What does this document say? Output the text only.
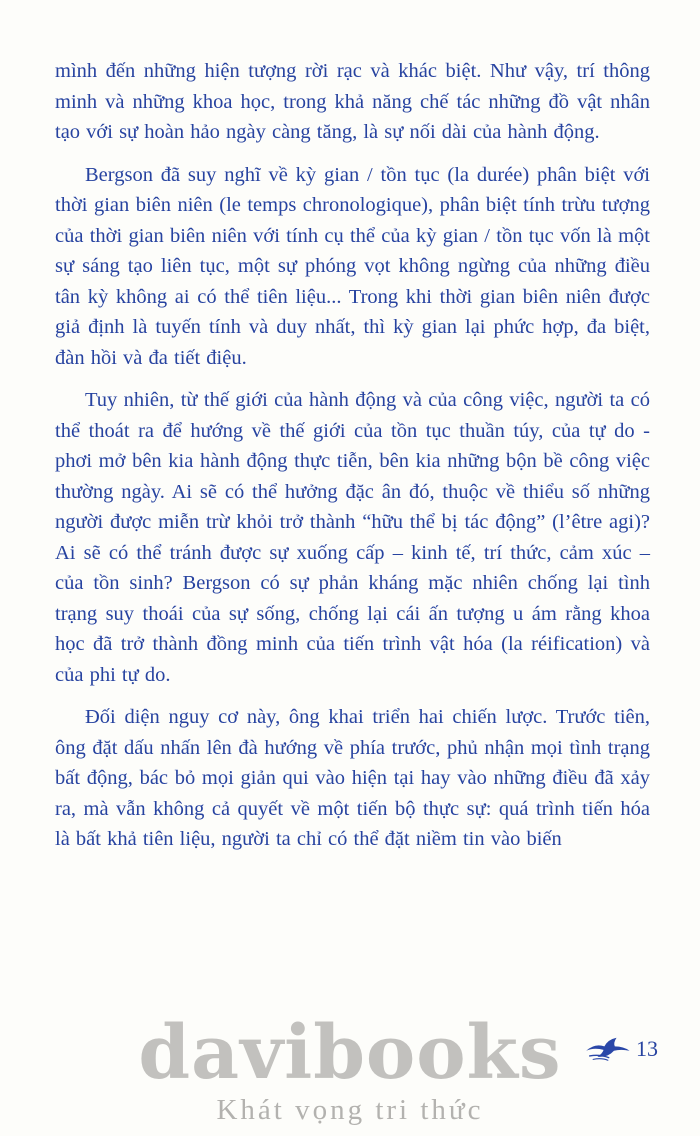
mình đến những hiện tượng rời rạc và khác biệt. Như vậy, trí thông minh và những khoa học, trong khả năng chế tác những đồ vật nhân tạo với sự hoàn hảo ngày càng tăng, là sự nối dài của hành động.

Bergson đã suy nghĩ về kỳ gian / tồn tục (la durée) phân biệt với thời gian biên niên (le temps chronologique), phân biệt tính trừu tượng của thời gian biên niên với tính cụ thể của kỳ gian / tồn tục vốn là một sự sáng tạo liên tục, một sự phóng vọt không ngừng của những điều tân kỳ không ai có thể tiên liệu... Trong khi thời gian biên niên được giả định là tuyến tính và duy nhất, thì kỳ gian lại phức hợp, đa biệt, đàn hồi và đa tiết điệu.

Tuy nhiên, từ thế giới của hành động và của công việc, người ta có thể thoát ra để hướng về thế giới của tồn tục thuần túy, của tự do - phơi mở bên kia hành động thực tiễn, bên kia những bộn bề công việc thường ngày. Ai sẽ có thể hưởng đặc ân đó, thuộc về thiểu số những người được miễn trừ khỏi trở thành “hữu thể bị tác động” (l’être agi)? Ai sẽ có thể tránh được sự xuống cấp – kinh tế, trí thức, cảm xúc – của tồn sinh? Bergson có sự phản kháng mặc nhiên chống lại tình trạng suy thoái của sự sống, chống lại cái ấn tượng u ám rằng khoa học đã trở thành đồng minh của tiến trình vật hóa (la réification) và của phi tự do.

Đối diện nguy cơ này, ông khai triển hai chiến lược. Trước tiên, ông đặt dấu nhấn lên đà hướng về phía trước, phủ nhận mọi tình trạng bất động, bác bỏ mọi giản qui vào hiện tại hay vào những điều đã xảy ra, mà vẫn không cả quyết về một tiến bộ thực sự: quá trình tiến hóa là bất khả tiên liệu, người ta chỉ có thể đặt niềm tin vào biến

davibooks
Khát vọng tri thức
13
